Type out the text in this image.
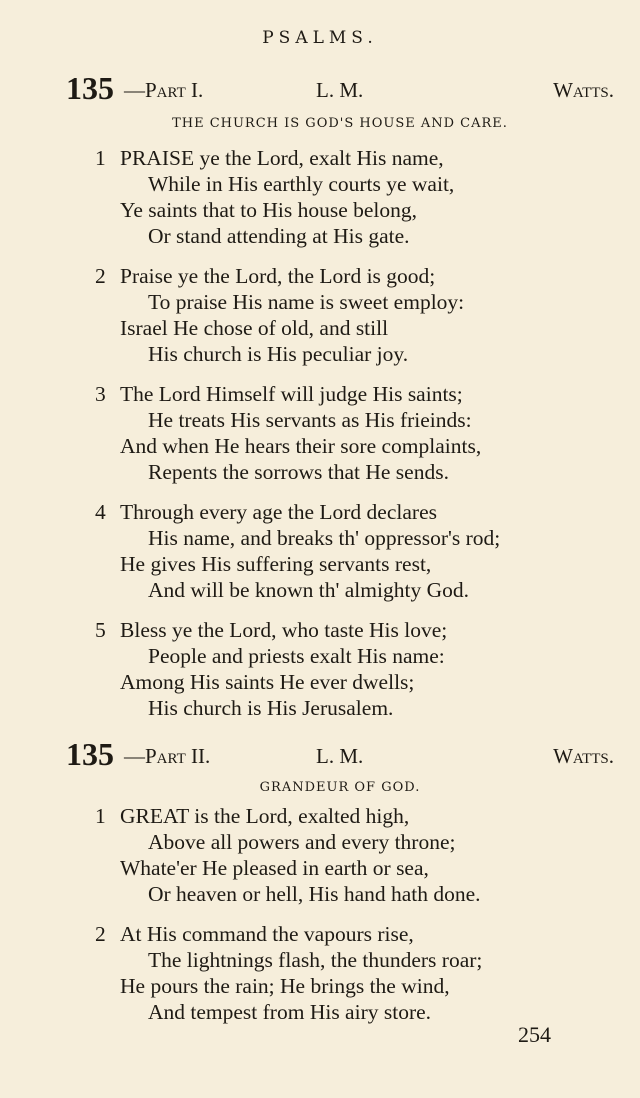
PSALMS.
135 —Part I.	L. M.	Watts.
THE CHURCH IS GOD'S HOUSE AND CARE.
1 PRAISE ye the Lord, exalt His name,
While in His earthly courts ye wait,
Ye saints that to His house belong,
Or stand attending at His gate.
2 Praise ye the Lord, the Lord is good;
To praise His name is sweet employ:
Israel He chose of old, and still
His church is His peculiar joy.
3 The Lord Himself will judge His saints;
He treats His servants as His frieinds:
And when He hears their sore complaints,
Repents the sorrows that He sends.
4 Through every age the Lord declares
His name, and breaks th' oppressor's rod;
He gives His suffering servants rest,
And will be known th' almighty God.
5 Bless ye the Lord, who taste His love;
People and priests exalt His name:
Among His saints He ever dwells;
His church is His Jerusalem.
135 —Part II.	L. M.	Watts.
GRANDEUR OF GOD.
1 GREAT is the Lord, exalted high,
Above all powers and every throne;
Whate'er He pleased in earth or sea,
Or heaven or hell, His hand hath done.
2 At His command the vapours rise,
The lightnings flash, the thunders roar;
He pours the rain; He brings the wind,
And tempest from His airy store.
254
